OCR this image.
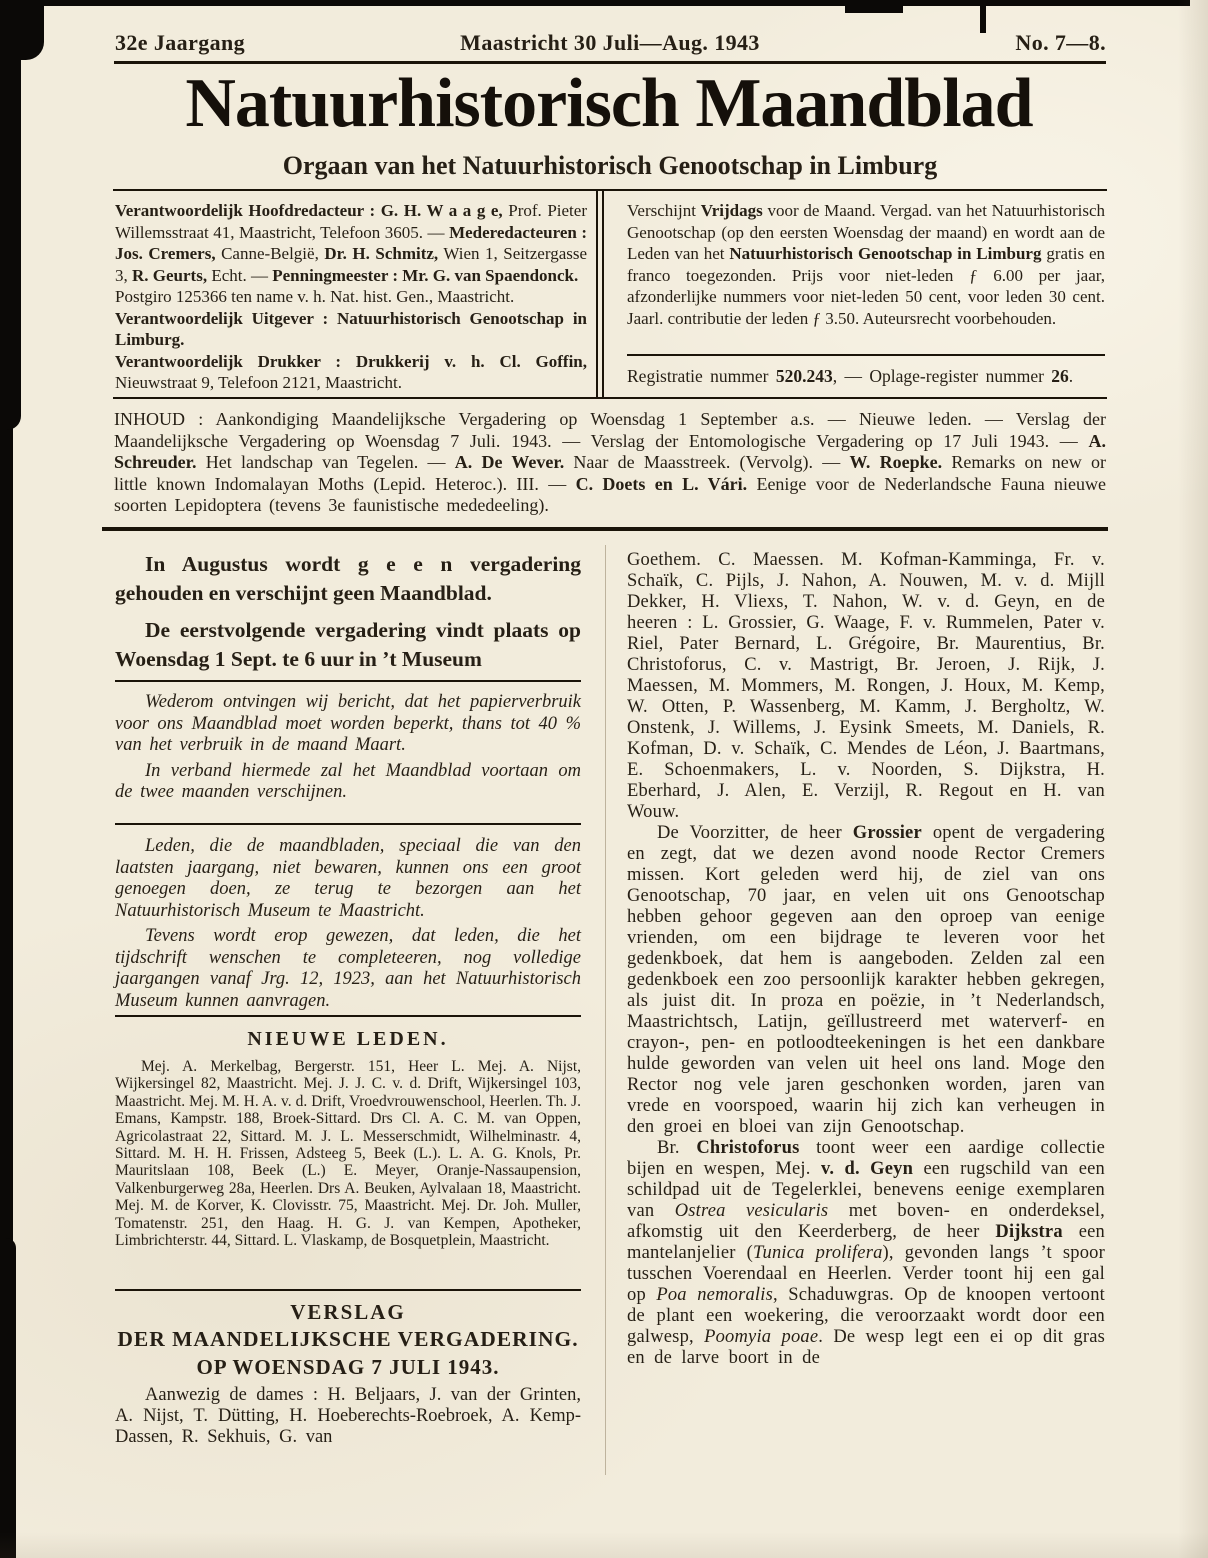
32e Jaargang	Maastricht 30 Juli—Aug. 1943	No. 7—8.
Natuurhistorisch Maandblad
Orgaan van het Natuurhistorisch Genootschap in Limburg

Verantwoordelijk Hoofdredacteur : G. H. W a a g e, Prof. Pieter Willemsstraat 41, Maastricht, Telefoon 3605. — Mederedacteuren : Jos. Cremers, Canne-België, Dr. H. Schmitz, Wien 1, Seitzergasse 3, R. Geurts, Echt. — Penningmeester : Mr. G. van Spaendonck.

Postgiro 125366 ten name v. h. Nat. hist. Gen., Maastricht.

Verantwoordelijk Uitgever : Natuurhistorisch Genootschap in Limburg.

Verantwoordelijk Drukker : Drukkerij v. h. Cl. Goffin, Nieuwstraat 9, Telefoon 2121, Maastricht.

Verschijnt Vrijdags voor de Maand. Vergad. van het Natuurhistorisch Genootschap (op den eersten Woensdag der maand) en wordt aan de Leden van het Natuurhistorisch Genootschap in Limburg gratis en franco toegezonden. Prijs voor niet-leden ƒ 6.00 per jaar, afzonderlijke nummers voor niet-leden 50 cent, voor leden 30 cent. Jaarl. contributie der leden ƒ 3.50. Auteursrecht voorbehouden.

Registratie nummer 520.243, — Oplage-register nummer 26.
INHOUD : Aankondiging Maandelijksche Vergadering op Woensdag 1 September a.s. — Nieuwe leden. — Verslag der Maandelijksche Vergadering op Woensdag 7 Juli. 1943. — Verslag der Entomologische Vergadering op 17 Juli 1943. — A. Schreuder. Het landschap van Tegelen. — A. De Wever. Naar de Maasstreek. (Vervolg). — W. Roepke. Remarks on new or little known Indomalayan Moths (Lepid. Heteroc.). III. — C. Doets en L. Vári. Eenige voor de Nederlandsche Fauna nieuwe soorten Lepidoptera (tevens 3e faunistische mededeeling).

In Augustus wordt g e e n vergadering gehouden en verschijnt geen Maandblad.

De eerstvolgende vergadering vindt plaats op Woensdag 1 Sept. te 6 uur in ’t Museum

Wederom ontvingen wij bericht, dat het papierverbruik voor ons Maandblad moet worden beperkt, thans tot 40 % van het verbruik in de maand Maart.

In verband hiermede zal het Maandblad voortaan om de twee maanden verschijnen.

Leden, die de maandbladen, speciaal die van den laatsten jaargang, niet bewaren, kunnen ons een groot genoegen doen, ze terug te bezorgen aan het Natuurhistorisch Museum te Maastricht.

Tevens wordt erop gewezen, dat leden, die het tijdschrift wenschen te completeeren, nog volledige jaargangen vanaf Jrg. 12, 1923, aan het Natuurhistorisch Museum kunnen aanvragen.

NIEUWE LEDEN.

Mej. A. Merkelbag, Bergerstr. 151, Heer L. Mej. A. Nijst, Wijkersingel 82, Maastricht. Mej. J. J. C. v. d. Drift, Wijkersingel 103, Maastricht. Mej. M. H. A. v. d. Drift, Vroedvrouwenschool, Heerlen. Th. J. Emans, Kampstr. 188, Broek-Sittard. Drs Cl. A. C. M. van Oppen, Agricolastraat 22, Sittard. M. J. L. Messerschmidt, Wilhelminastr. 4, Sittard. M. H. H. Frissen, Adsteeg 5, Beek (L.). L. A. G. Knols, Pr. Mauritslaan 108, Beek (L.) E. Meyer, Oranje-Nassaupension, Valkenburgerweg 28a, Heerlen. Drs A. Beuken, Aylvalaan 18, Maastricht. Mej. M. de Korver, K. Clovisstr. 75, Maastricht. Mej. Dr. Joh. Muller, Tomatenstr. 251, den Haag. H. G. J. van Kempen, Apotheker, Limbrichterstr. 44, Sittard. L. Vlaskamp, de Bosquetplein, Maastricht.

VERSLAG
DER MAANDELIJKSCHE VERGADERING.
OP WOENSDAG 7 JULI 1943.

Aanwezig de dames : H. Beljaars, J. van der Grinten, A. Nijst, T. Dütting, H. Hoeberechts-Roebroek, A. Kemp-Dassen, R. Sekhuis, G. van

Goethem. C. Maessen. M. Kofman-Kamminga, Fr. v. Schaïk, C. Pijls, J. Nahon, A. Nouwen, M. v. d. Mijll Dekker, H. Vliexs, T. Nahon, W. v. d. Geyn, en de heeren : L. Grossier, G. Waage, F. v. Rummelen, Pater v. Riel, Pater Bernard, L. Grégoire, Br. Maurentius, Br. Christoforus, C. v. Mastrigt, Br. Jeroen, J. Rijk, J. Maessen, M. Mommers, M. Rongen, J. Houx, M. Kemp, W. Otten, P. Wassenberg, M. Kamm, J. Bergholtz, W. Onstenk, J. Willems, J. Eysink Smeets, M. Daniels, R. Kofman, D. v. Schaïk, C. Mendes de Léon, J. Baartmans, E. Schoenmakers, L. v. Noorden, S. Dijkstra, H. Eberhard, J. Alen, E. Verzijl, R. Regout en H. van Wouw.

De Voorzitter, de heer Grossier opent de vergadering en zegt, dat we dezen avond noode Rector Cremers missen. Kort geleden werd hij, de ziel van ons Genootschap, 70 jaar, en velen uit ons Genootschap hebben gehoor gegeven aan den oproep van eenige vrienden, om een bijdrage te leveren voor het gedenkboek, dat hem is aangeboden. Zelden zal een gedenkboek een zoo persoonlijk karakter hebben gekregen, als juist dit. In proza en poëzie, in ’t Nederlandsch, Maastrichtsch, Latijn, geïllustreerd met waterverf- en crayon-, pen- en potloodteekeningen is het een dankbare hulde geworden van velen uit heel ons land. Moge den Rector nog vele jaren geschonken worden, jaren van vrede en voorspoed, waarin hij zich kan verheugen in den groei en bloei van zijn Genootschap.

Br. Christoforus toont weer een aardige collectie bijen en wespen, Mej. v. d. Geyn een rugschild van een schildpad uit de Tegelerklei, benevens eenige exemplaren van Ostrea vesicularis met boven- en onderdeksel, afkomstig uit den Keerderberg, de heer Dijkstra een mantelanjelier (Tunica prolifera), gevonden langs ’t spoor tusschen Voerendaal en Heerlen. Verder toont hij een gal op Poa nemoralis, Schaduwgras. Op de knoopen vertoont de plant een woekering, die veroorzaakt wordt door een galwesp, Poomyia poae. De wesp legt een ei op dit gras en de larve boort in de
